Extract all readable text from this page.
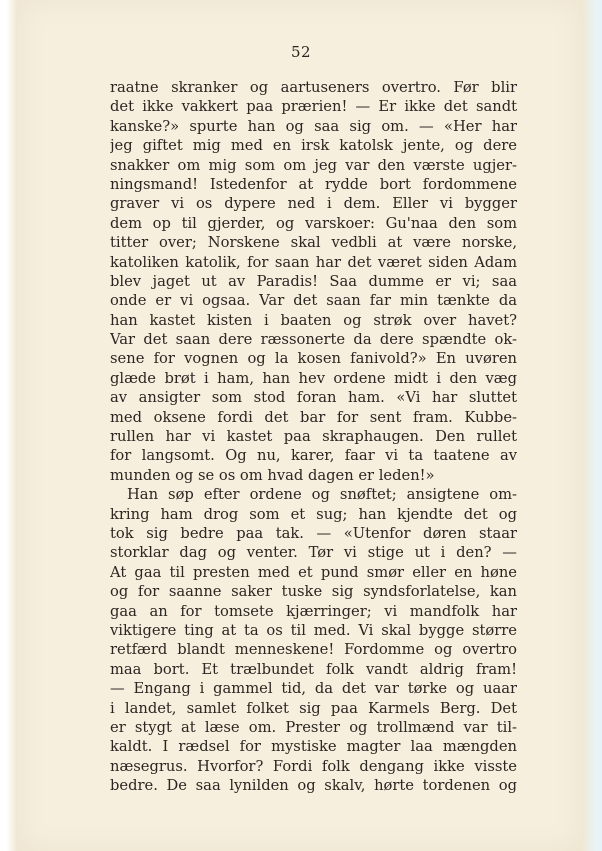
52
raatne skranker og aartuseners overtro. Før blir
det ikke vakkert paa prærien! — Er ikke det sandt
kanske?» spurte han og saa sig om. — «Her har
jeg giftet mig med en irsk katolsk jente, og dere
snakker om mig som om jeg var den værste ugjer-
ningsmand! Istedenfor at rydde bort fordommene
graver vi os dypere ned i dem. Eller vi bygger
dem op til gjerder, og varskoer: Gu'naa den som
titter over; Norskene skal vedbli at være norske,
katoliken katolik, for saan har det været siden Adam
blev jaget ut av Paradis! Saa dumme er vi; saa
onde er vi ogsaa. Var det saan far min tænkte da
han kastet kisten i baaten og strøk over havet?
Var det saan dere ræssonerte da dere spændte ok-
sene for vognen og la kosen fanivold?» En uvøren
glæde brøt i ham, han hev ordene midt i den væg
av ansigter som stod foran ham. «Vi har sluttet
med oksene fordi det bar for sent fram. Kubbe-
rullen har vi kastet paa skraphaugen. Den rullet
for langsomt. Og nu, karer, faar vi ta taatene av
munden og se os om hvad dagen er leden!»
Han søp efter ordene og snøftet; ansigtene om-
kring ham drog som et sug; han kjendte det og
tok sig bedre paa tak. — «Utenfor døren staar
storklar dag og venter. Tør vi stige ut i den? —
At gaa til presten med et pund smør eller en høne
og for saanne saker tuske sig syndsforlatelse, kan
gaa an for tomsete kjærringer; vi mandfolk har
viktigere ting at ta os til med. Vi skal bygge større
retfærd blandt menneskene! Fordomme og overtro
maa bort. Et trælbundet folk vandt aldrig fram!
— Engang i gammel tid, da det var tørke og uaar
i landet, samlet folket sig paa Karmels Berg. Det
er stygt at læse om. Prester og trollmænd var til-
kaldt. I rædsel for mystiske magter laa mængden
næsegrus. Hvorfor? Fordi folk dengang ikke visste
bedre. De saa lynilden og skalv, hørte tordenen og
